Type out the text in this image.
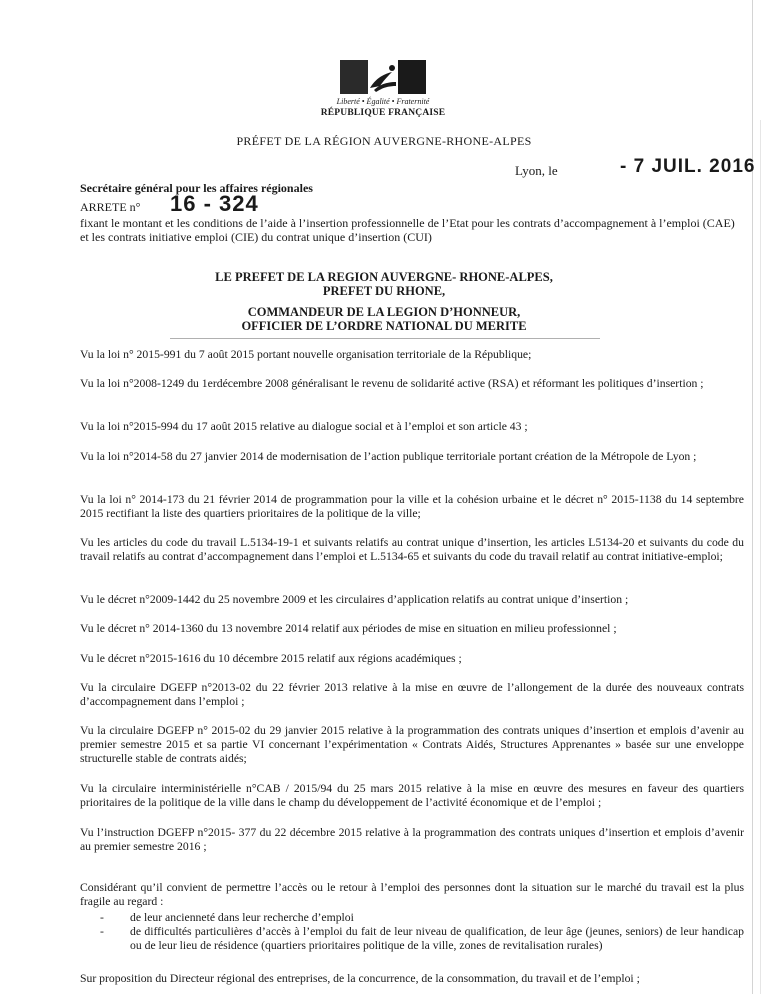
Liberté • Égalité • Fraternité
RÉPUBLIQUE FRANÇAISE
PRÉFET DE LA RÉGION AUVERGNE-RHONE-ALPES
Lyon, le	- 7 JUIL. 2016
Secrétaire général pour les affaires régionales
ARRETE n° 16 - 324
fixant le montant et les conditions de l’aide à l’insertion professionnelle de l’Etat pour les contrats d’accompagnement à l’emploi (CAE) et les contrats initiative emploi (CIE) du contrat unique d’insertion (CUI)
LE PREFET DE LA REGION AUVERGNE- RHONE-ALPES,
PREFET DU RHONE,
COMMANDEUR DE LA LEGION D’HONNEUR,
OFFICIER DE L’ORDRE NATIONAL DU MERITE
Vu la loi n° 2015-991 du 7 août 2015 portant nouvelle organisation territoriale de la République;
Vu la loi n°2008-1249 du 1erdécembre 2008 généralisant le revenu de solidarité active (RSA) et réformant les politiques d’insertion ;
Vu la loi n°2015-994 du 17 août 2015 relative au dialogue social et à l’emploi et son article 43 ;
Vu la loi n°2014-58 du 27 janvier 2014 de modernisation de l’action publique territoriale portant création de la Métropole de Lyon ;
Vu la loi n° 2014-173 du 21 février 2014 de programmation pour la ville et la cohésion urbaine et le décret n° 2015-1138 du 14 septembre 2015 rectifiant la liste des quartiers prioritaires de la politique de la ville;
Vu les articles du code du travail L.5134-19-1 et suivants relatifs au contrat unique d’insertion, les articles L5134-20 et suivants du code du travail relatifs au contrat d’accompagnement dans l’emploi et L.5134-65 et suivants du code du travail relatif au contrat initiative-emploi;
Vu le décret n°2009-1442 du 25 novembre 2009 et les circulaires d’application relatifs au contrat unique d’insertion ;
Vu le décret n° 2014-1360 du 13 novembre 2014 relatif aux périodes de mise en situation en milieu professionnel ;
Vu le décret n°2015-1616 du 10 décembre 2015 relatif aux régions académiques ;
Vu la circulaire DGEFP n°2013-02 du 22 février 2013 relative à la mise en œuvre de l’allongement de la durée des nouveaux contrats d’accompagnement dans l’emploi ;
Vu la circulaire DGEFP n° 2015-02 du 29 janvier 2015 relative à la programmation des contrats uniques d’insertion et emplois d’avenir au premier semestre 2015 et sa partie VI concernant l’expérimentation « Contrats Aidés, Structures Apprenantes » basée sur une enveloppe structurelle stable de contrats aidés;
Vu la circulaire interministérielle n°CAB / 2015/94 du 25 mars 2015 relative à la mise en œuvre des mesures en faveur des quartiers prioritaires de la politique de la ville dans le champ du développement de l’activité économique et de l’emploi ;
Vu l’instruction DGEFP n°2015- 377 du 22 décembre 2015 relative à la programmation des contrats uniques d’insertion et emplois d’avenir au premier semestre 2016 ;
Considérant qu’il convient de permettre l’accès ou le retour à l’emploi des personnes dont la situation sur le marché du travail est la plus fragile au regard :
-	de leur ancienneté dans leur recherche d’emploi
-	de difficultés particulières d’accès à l’emploi du fait de leur niveau de qualification, de leur âge (jeunes, seniors) de leur handicap ou de leur lieu de résidence (quartiers prioritaires politique de la ville, zones de revitalisation rurales)
Sur proposition du Directeur régional des entreprises, de la concurrence, de la consommation, du travail et de l’emploi ;
